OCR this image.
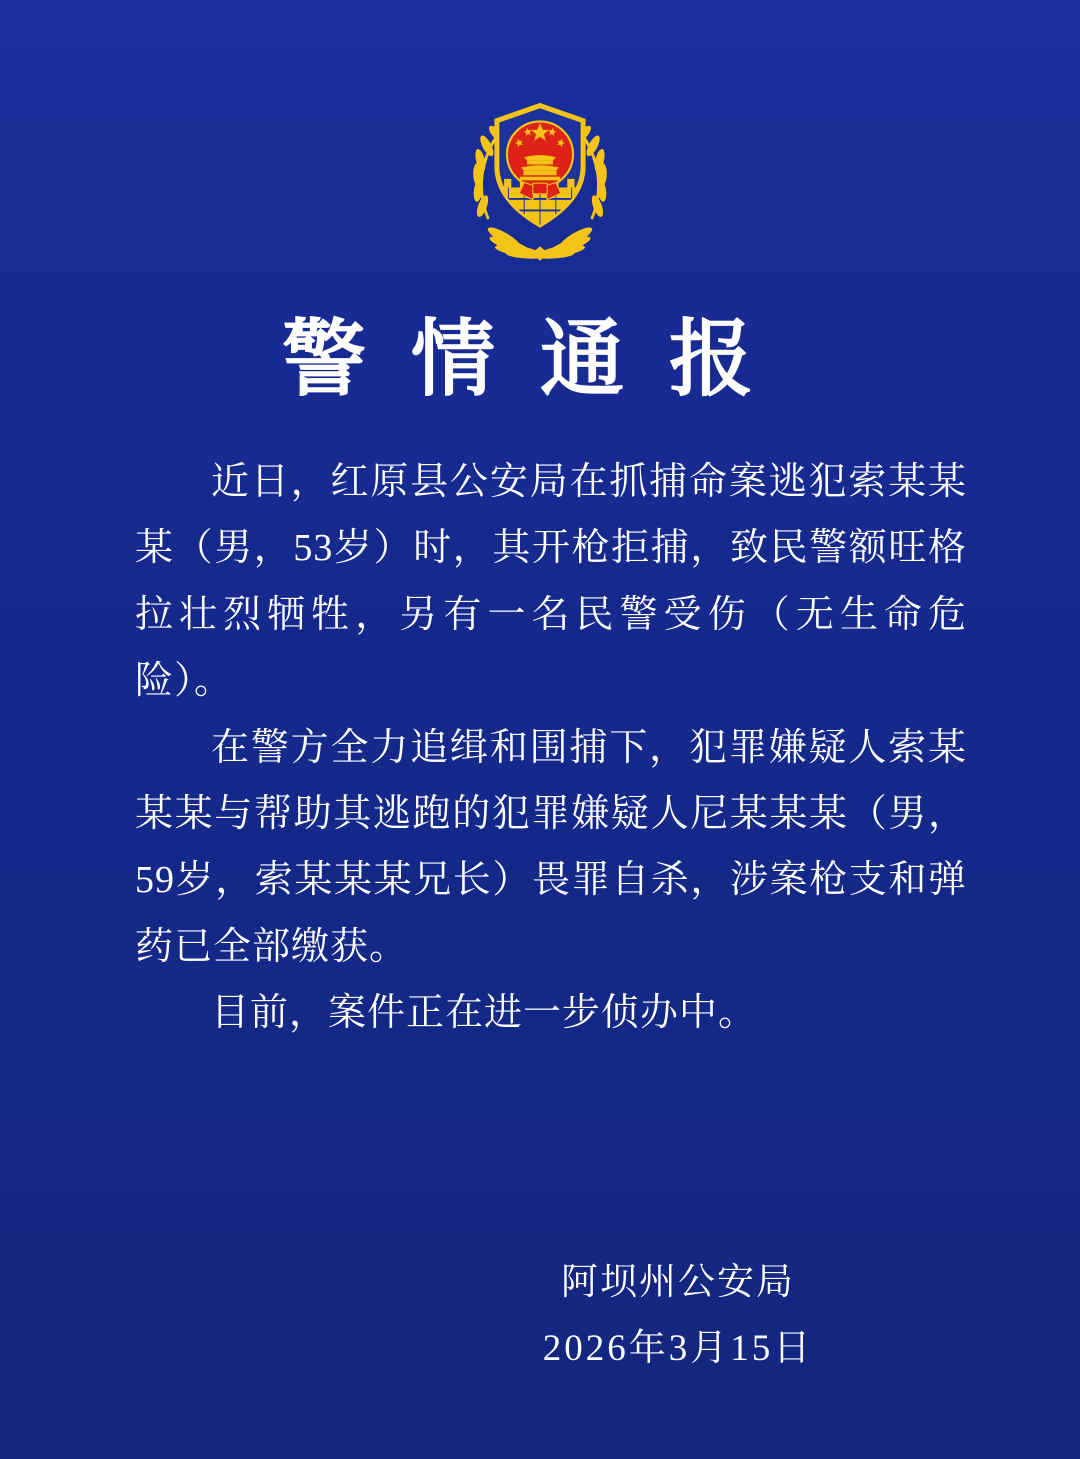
警情通报

近日，红原县公安局在抓捕命案逃犯索某某某（男，53岁）时，其开枪拒捕，致民警额旺格拉壮烈牺牲，另有一名民警受伤（无生命危险）。

在警方全力追缉和围捕下，犯罪嫌疑人索某某某与帮助其逃跑的犯罪嫌疑人尼某某某（男，59岁，索某某某兄长）畏罪自杀，涉案枪支和弹药已全部缴获。

目前，案件正在进一步侦办中。

阿坝州公安局
2026年3月15日
